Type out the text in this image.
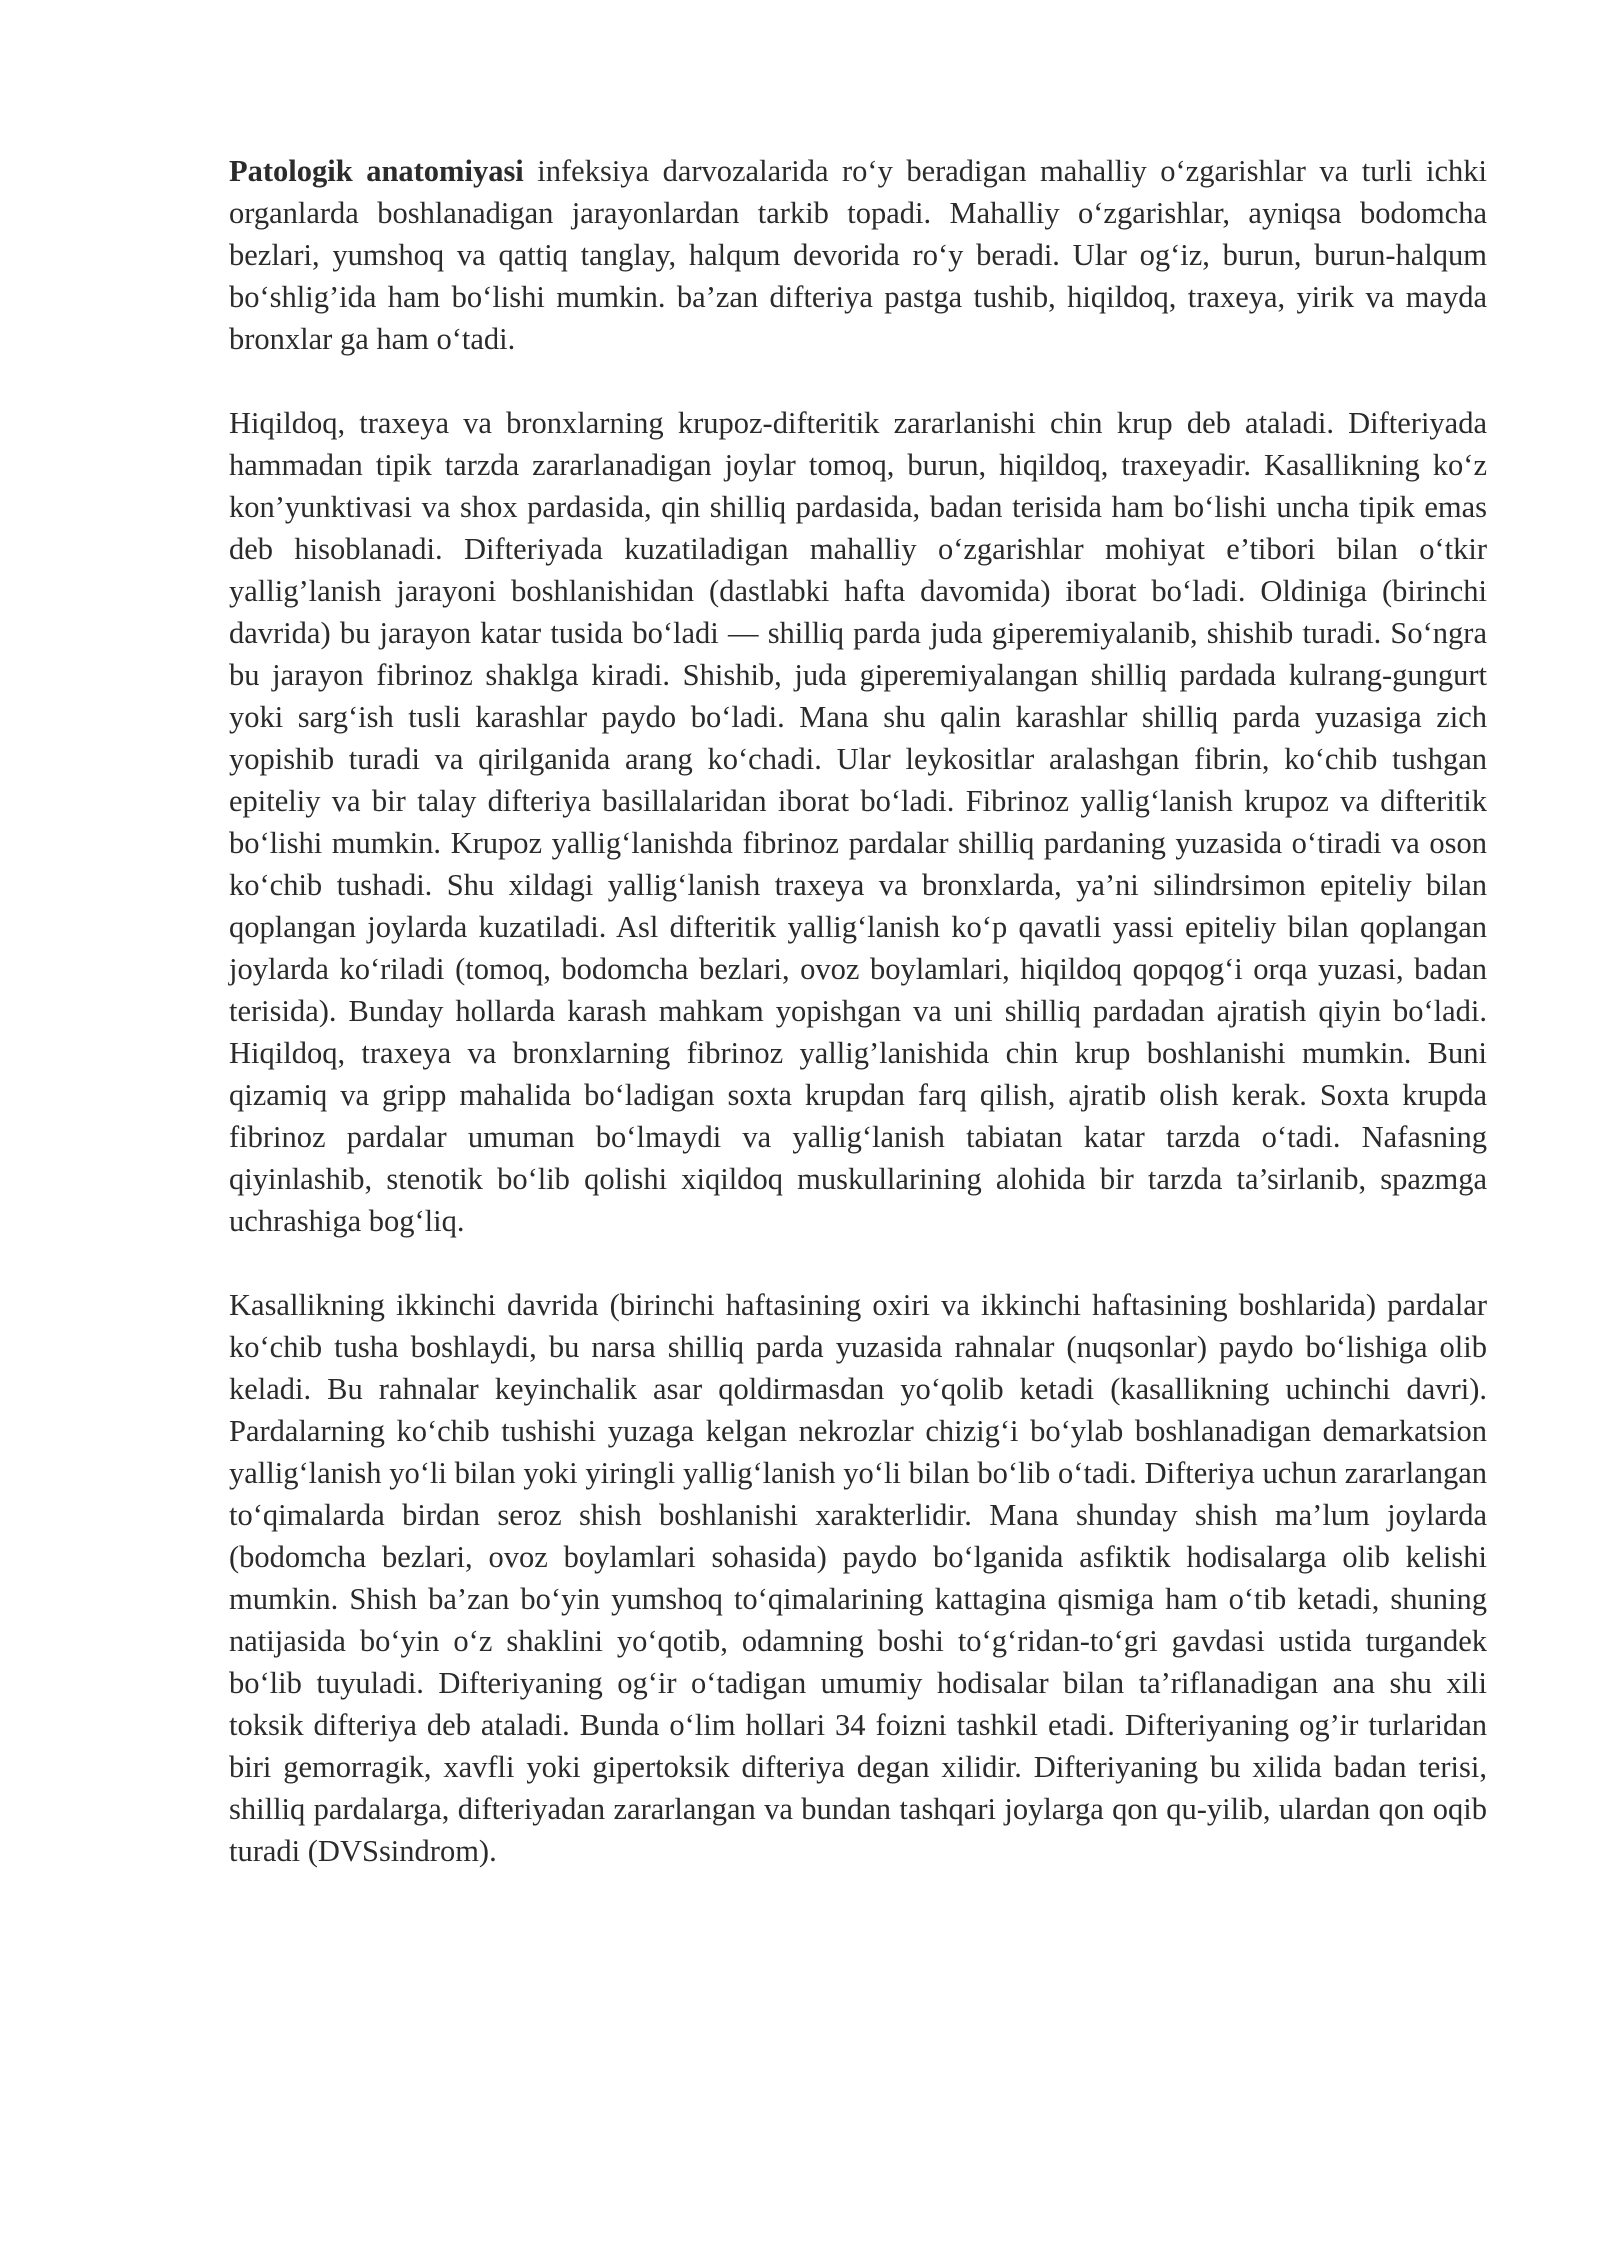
Patologik anatomiyasi infeksiya darvozalarida roʻy beradigan mahalliy oʻzgarishlar va turli ichki organlarda boshlanadigan jarayonlardan tarkib topadi. Mahalliy oʻzgarishlar, ayniqsa bodomcha bezlari, yumshoq va qattiq tanglay, halqum devorida roʻy beradi. Ular ogʻiz, burun, burun-halqum boʻshlig’ida ham boʻlishi mumkin. ba’zan difteriya pastga tushib, hiqildoq, traxeya, yirik va mayda bronxlar ga ham oʻtadi.

Hiqildoq, traxeya va bronxlarning krupoz-difteritik zararlanishi chin krup deb ataladi. Difteriyada hammadan tipik tarzda zararlanadigan joylar tomoq, burun, hiqildoq, traxeyadir. Kasallikning koʻz kon’yunktivasi va shox pardasida, qin shilliq pardasida, badan terisida ham boʻlishi uncha tipik emas deb hisoblanadi. Difteriyada kuzatiladigan mahalliy oʻzgarishlar mohiyat e’tibori bilan oʻtkir yallig’lanish jarayoni boshlanishidan (dastlabki hafta davomida) iborat boʻladi. Oldiniga (birinchi davrida) bu jarayon katar tusida boʻladi — shilliq parda juda giperemiyalanib, shishib turadi. Soʻngra bu jarayon fibrinoz shaklga kiradi. Shishib, juda giperemiyalangan shilliq pardada kulrang-gungurt yoki sargʻish tusli karashlar paydo boʻladi. Mana shu qalin karashlar shilliq parda yuzasiga zich yopishib turadi va qirilganida arang koʻchadi. Ular leykositlar aralashgan fibrin, koʻchib tushgan epiteliy va bir talay difteriya basillalaridan iborat boʻladi. Fibrinoz yalligʻlanish krupoz va difteritik boʻlishi mumkin. Krupoz yalligʻlanishda fibrinoz pardalar shilliq pardaning yuzasida oʻtiradi va oson koʻchib tushadi. Shu xildagi yalligʻlanish traxeya va bronxlarda, ya’ni silindrsimon epiteliy bilan qoplangan joylarda kuzatiladi. Asl difteritik yalligʻlanish koʻp qavatli yassi epiteliy bilan qoplangan joylarda koʻriladi (tomoq, bodomcha bezlari, ovoz boylamlari, hiqildoq qopqogʻi orqa yuzasi, badan terisida). Bunday hollarda karash mahkam yopishgan va uni shilliq pardadan ajratish qiyin boʻladi. Hiqildoq, traxeya va bronxlarning fibrinoz yallig’lanishida chin krup boshlanishi mumkin. Buni qizamiq va gripp mahalida boʻladigan soxta krupdan farq qilish, ajratib olish kerak. Soxta krupda fibrinoz pardalar umuman boʻlmaydi va yalligʻlanish tabiatan katar tarzda oʻtadi. Nafasning qiyinlashib, stenotik boʻlib qolishi xiqildoq muskullarining alohida bir tarzda ta’sirlanib, spazmga uchrashiga bogʻliq.

Kasallikning ikkinchi davrida (birinchi haftasining oxiri va ikkinchi haftasining boshlarida) pardalar koʻchib tusha boshlaydi, bu narsa shilliq parda yuzasida rahnalar (nuqsonlar) paydo boʻlishiga olib keladi. Bu rahnalar keyinchalik asar qoldirmasdan yoʻqolib ketadi (kasallikning uchinchi davri). Pardalarning koʻchib tushishi yuzaga kelgan nekrozlar chizigʻi boʻylab boshlanadigan demarkatsion yalligʻlanish yoʻli bilan yoki yiringli yalligʻlanish yoʻli bilan boʻlib oʻtadi. Difteriya uchun zararlangan toʻqimalarda birdan seroz shish boshlanishi xarakterlidir. Mana shunday shish ma’lum joylarda (bodomcha bezlari, ovoz boylamlari sohasida) paydo boʻlganida asfiktik hodisalarga olib kelishi mumkin. Shish ba’zan boʻyin yumshoq toʻqimalarining kattagina qismiga ham oʻtib ketadi, shuning natijasida boʻyin oʻz shaklini yoʻqotib, odamning boshi toʻgʻridan-toʻgri gavdasi ustida turgandek boʻlib tuyuladi. Difteriyaning ogʻir oʻtadigan umumiy hodisalar bilan ta’riflanadigan ana shu xili toksik difteriya deb ataladi. Bunda oʻlim hollari 34 foizni tashkil etadi. Difteriyaning og’ir turlaridan biri gemorragik, xavfli yoki gipertoksik difteriya degan xilidir. Difteriyaning bu xilida badan terisi, shilliq pardalarga, difteriyadan zararlangan va bundan tashqari joylarga qon qu-yilib, ulardan qon oqib turadi (DVSsindrom).
